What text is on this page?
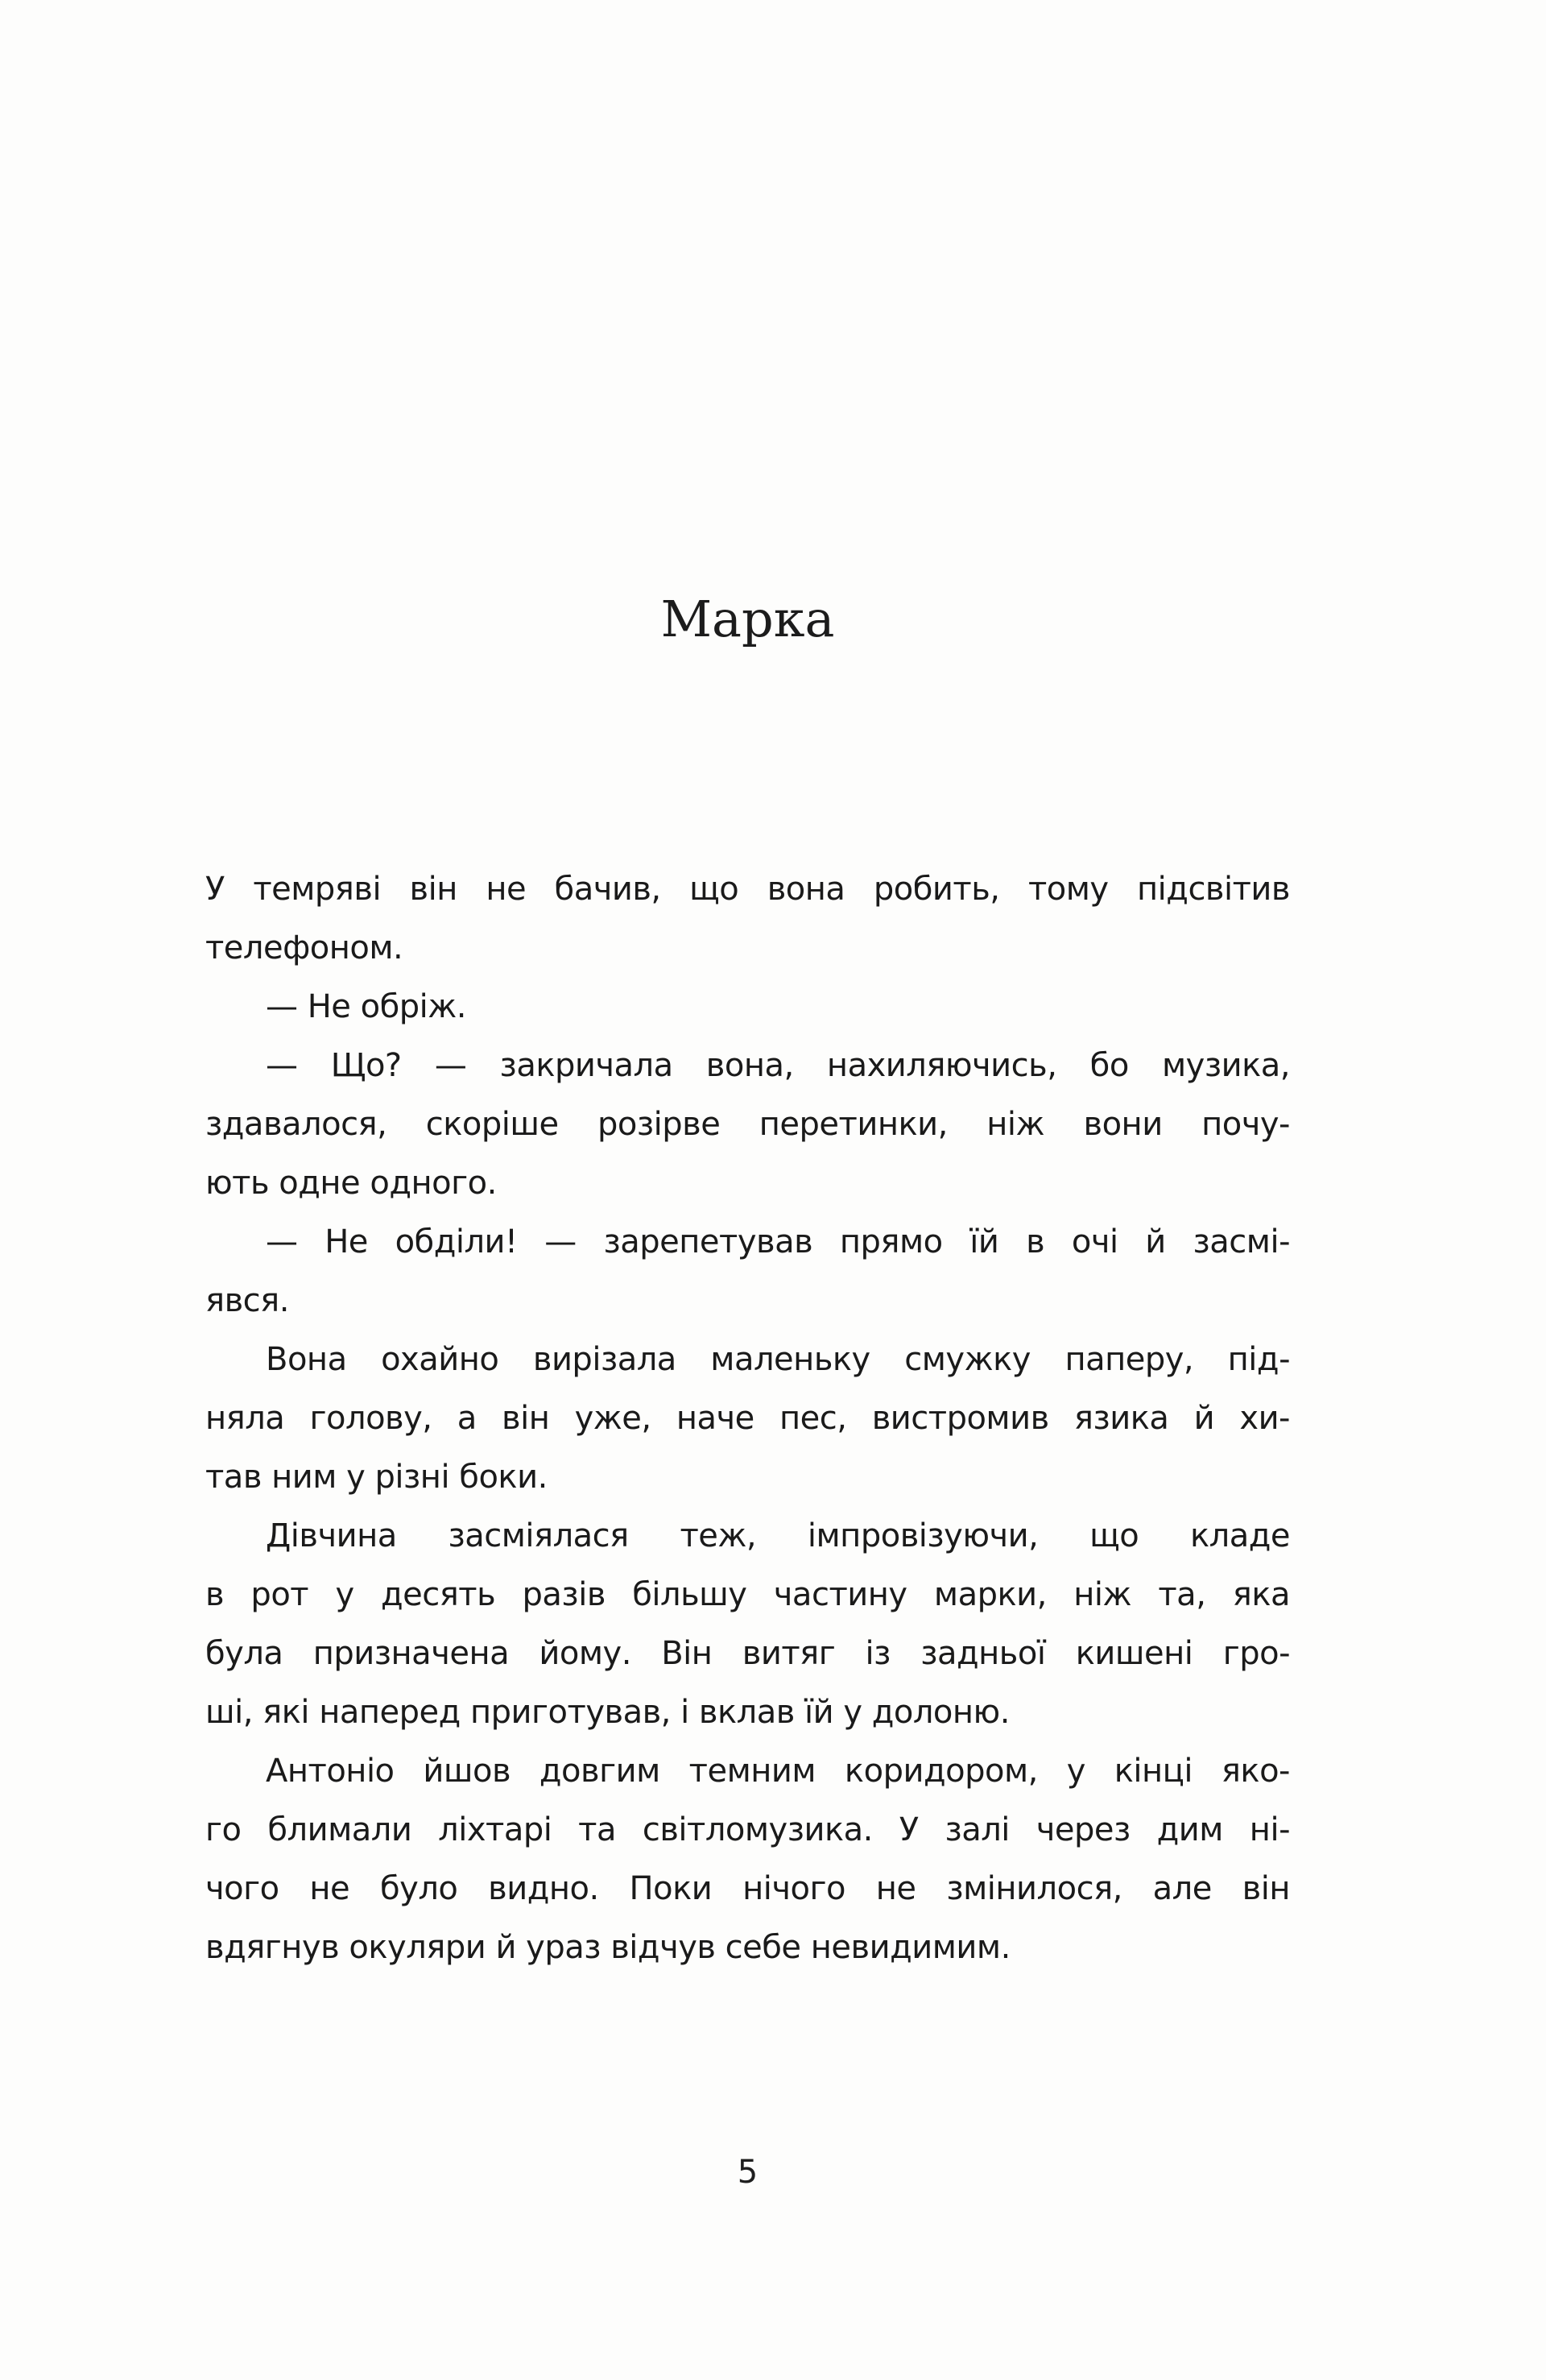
Марка
У темряві він не бачив, що вона робить, тому підсвітив
телефоном.
— Не обріж.
— Що? — закричала вона, нахиляючись, бо музика,
здавалося, скоріше розірве перетинки, ніж вони почу-
ють одне одного.
— Не обділи! — зарепетував прямо їй в очі й засмі-
явся.
Вона охайно вирізала маленьку смужку паперу, під-
няла голову, а він уже, наче пес, вистромив язика й хи-
тав ним у різні боки.
Дівчина засміялася теж, імпровізуючи, що кладе
в рот у десять разів більшу частину марки, ніж та, яка
була призначена йому. Він витяг із задньої кишені гро-
ші, які наперед приготував, і вклав їй у долоню.
Антоніо йшов довгим темним коридором, у кінці яко-
го блимали ліхтарі та світломузика. У залі через дим ні-
чого не було видно. Поки нічого не змінилося, але він
вдягнув окуляри й ураз відчув себе невидимим.
5
